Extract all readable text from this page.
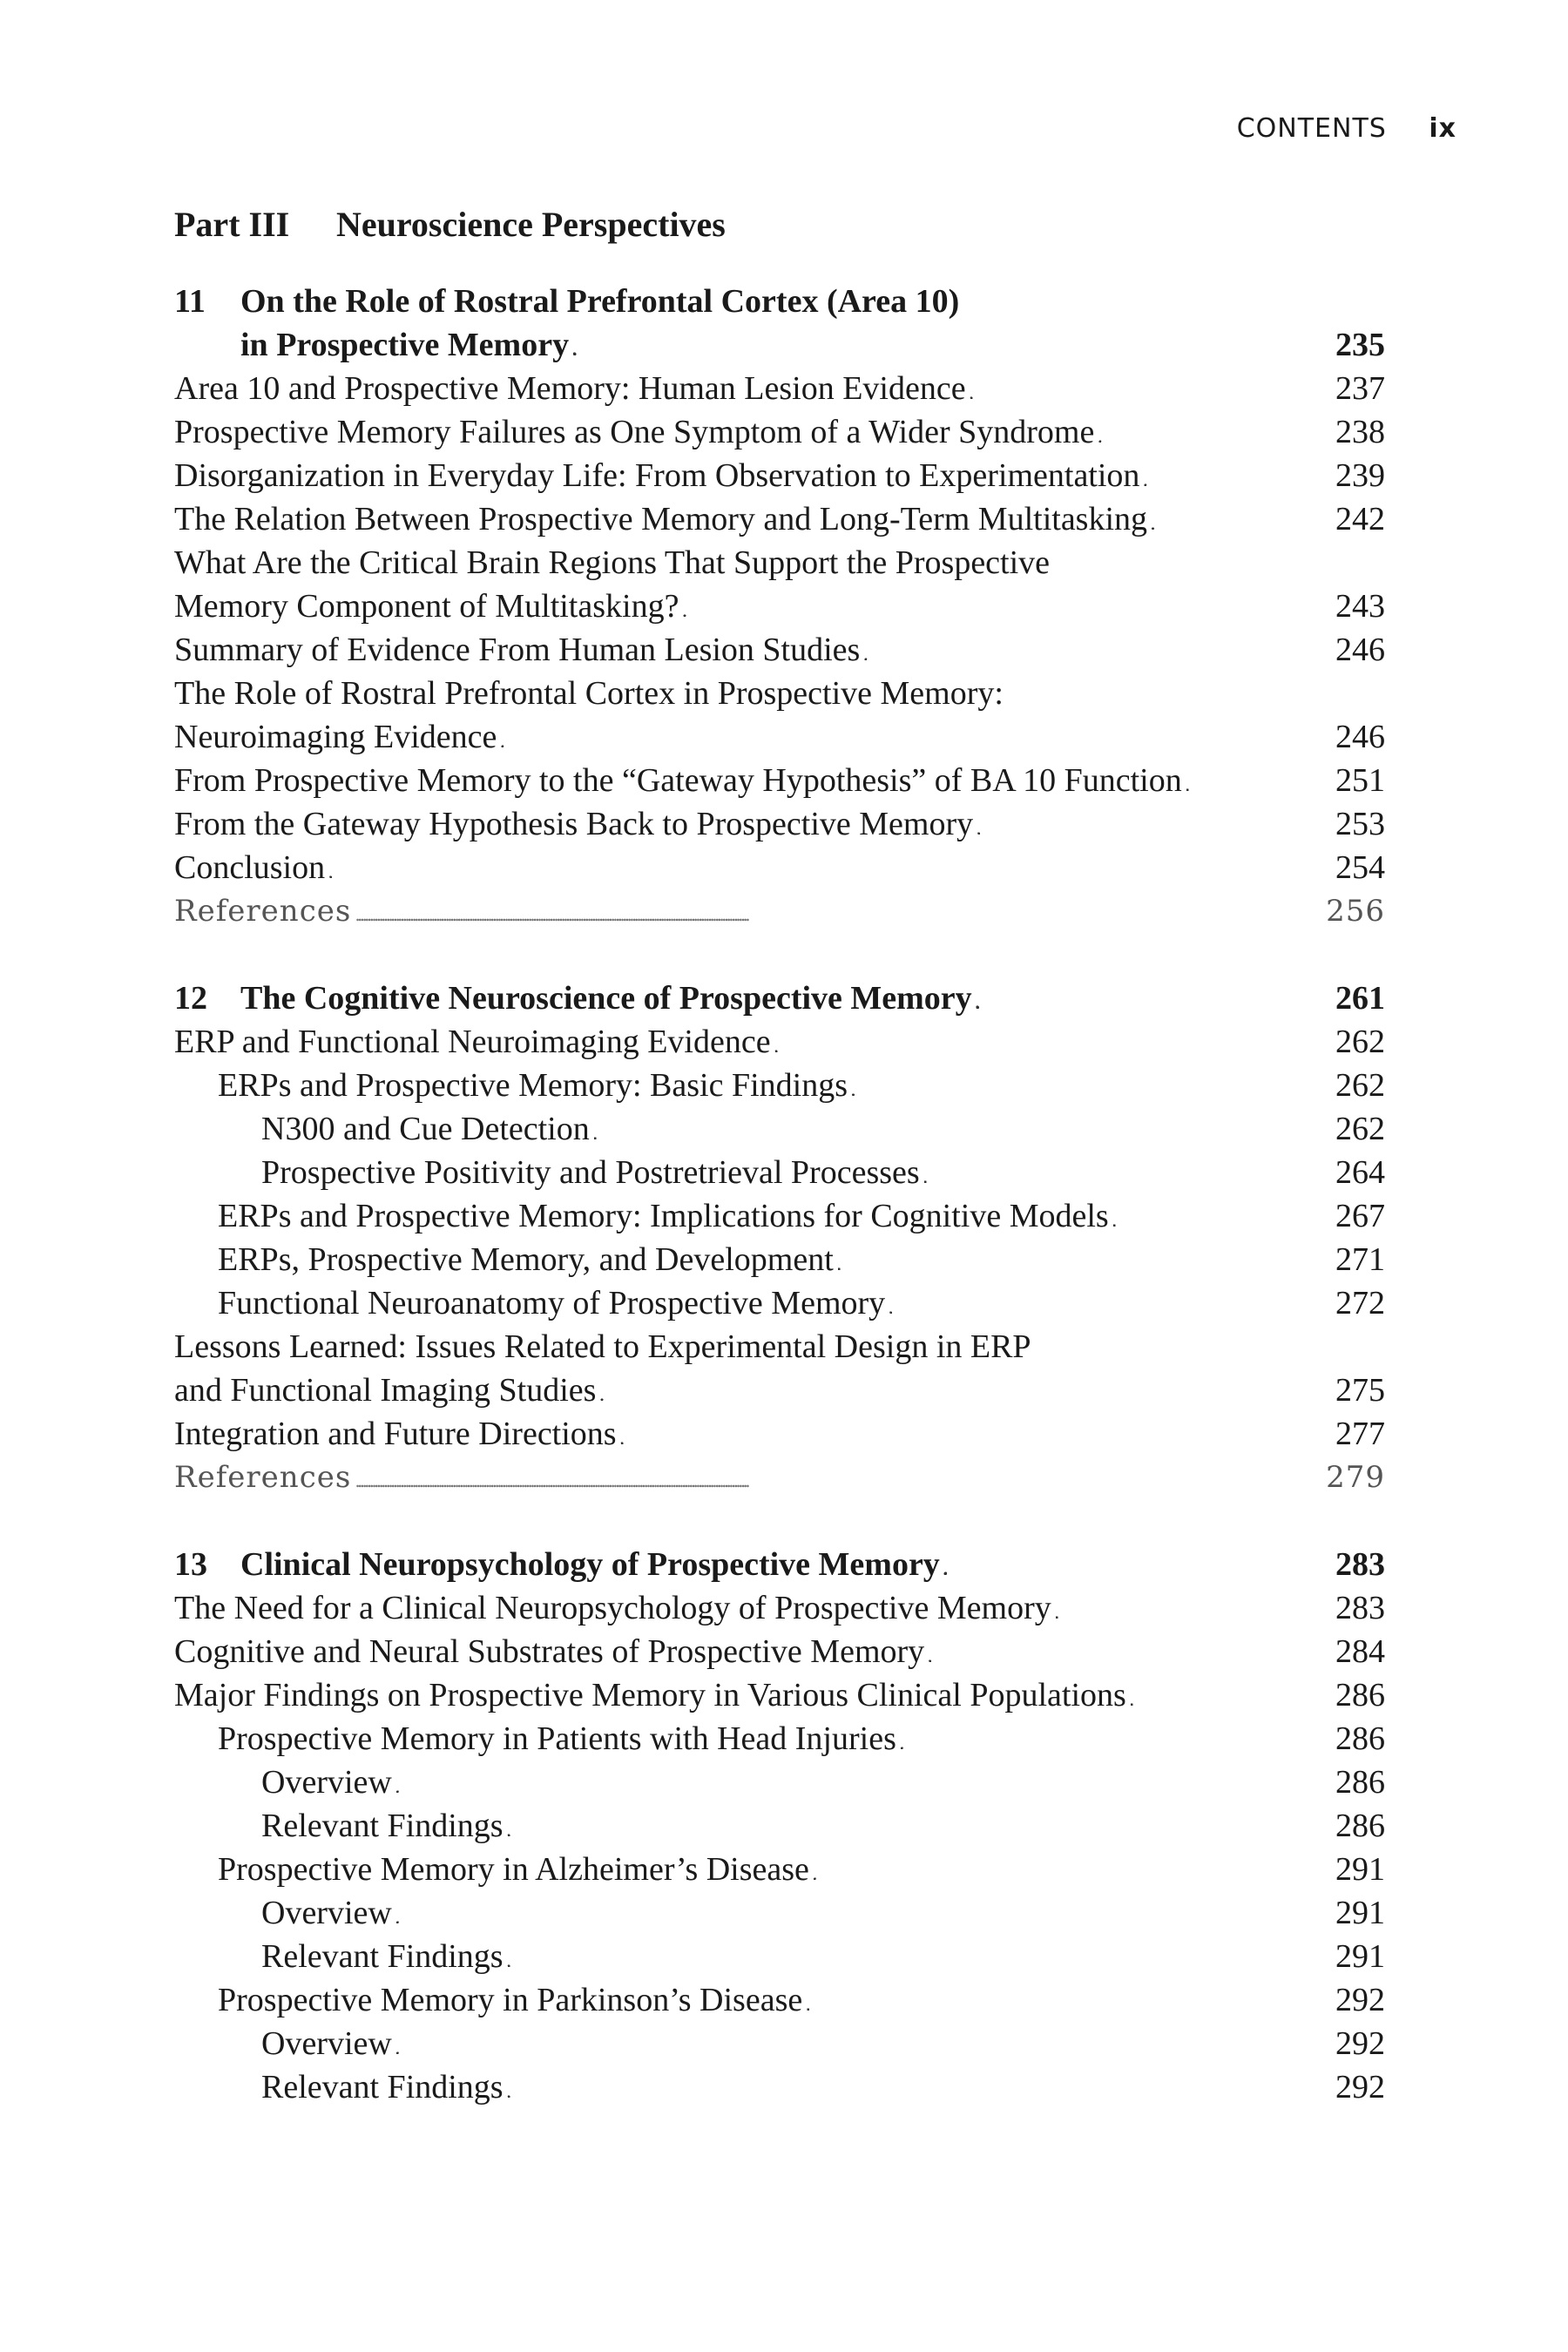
CONTENTS ix
Part III Neuroscience Perspectives
11 On the Role of Rostral Prefrontal Cortex (Area 10)
in Prospective Memory . . .	235
Area 10 and Prospective Memory: Human Lesion Evidence . . .	237
Prospective Memory Failures as One Symptom of a Wider Syndrome . . .	238
Disorganization in Everyday Life: From Observation to Experimentation . . .	239
The Relation Between Prospective Memory and Long-Term Multitasking . . .	242
What Are the Critical Brain Regions That Support the Prospective
Memory Component of Multitasking? . . .	243
Summary of Evidence From Human Lesion Studies . . .	246
The Role of Rostral Prefrontal Cortex in Prospective Memory:
Neuroimaging Evidence . . .	246
From Prospective Memory to the “Gateway Hypothesis” of BA 10 Function . . .	251
From the Gateway Hypothesis Back to Prospective Memory . . .	253
Conclusion . . .	254
References . . .	256
12 The Cognitive Neuroscience of Prospective Memory . . .	261
ERP and Functional Neuroimaging Evidence . . .	262
ERPs and Prospective Memory: Basic Findings . . .	262
N300 and Cue Detection . . .	262
Prospective Positivity and Postretrieval Processes . . .	264
ERPs and Prospective Memory: Implications for Cognitive Models . . .	267
ERPs, Prospective Memory, and Development . . .	271
Functional Neuroanatomy of Prospective Memory . . .	272
Lessons Learned: Issues Related to Experimental Design in ERP
and Functional Imaging Studies . . .	275
Integration and Future Directions . . .	277
References . . .	279
13 Clinical Neuropsychology of Prospective Memory . . .	283
The Need for a Clinical Neuropsychology of Prospective Memory . . .	283
Cognitive and Neural Substrates of Prospective Memory . . .	284
Major Findings on Prospective Memory in Various Clinical Populations . . .	286
Prospective Memory in Patients with Head Injuries . . .	286
Overview . . .	286
Relevant Findings . . .	286
Prospective Memory in Alzheimer’s Disease . . .	291
Overview . . .	291
Relevant Findings . . .	291
Prospective Memory in Parkinson’s Disease . . .	292
Overview . . .	292
Relevant Findings . . .	292
